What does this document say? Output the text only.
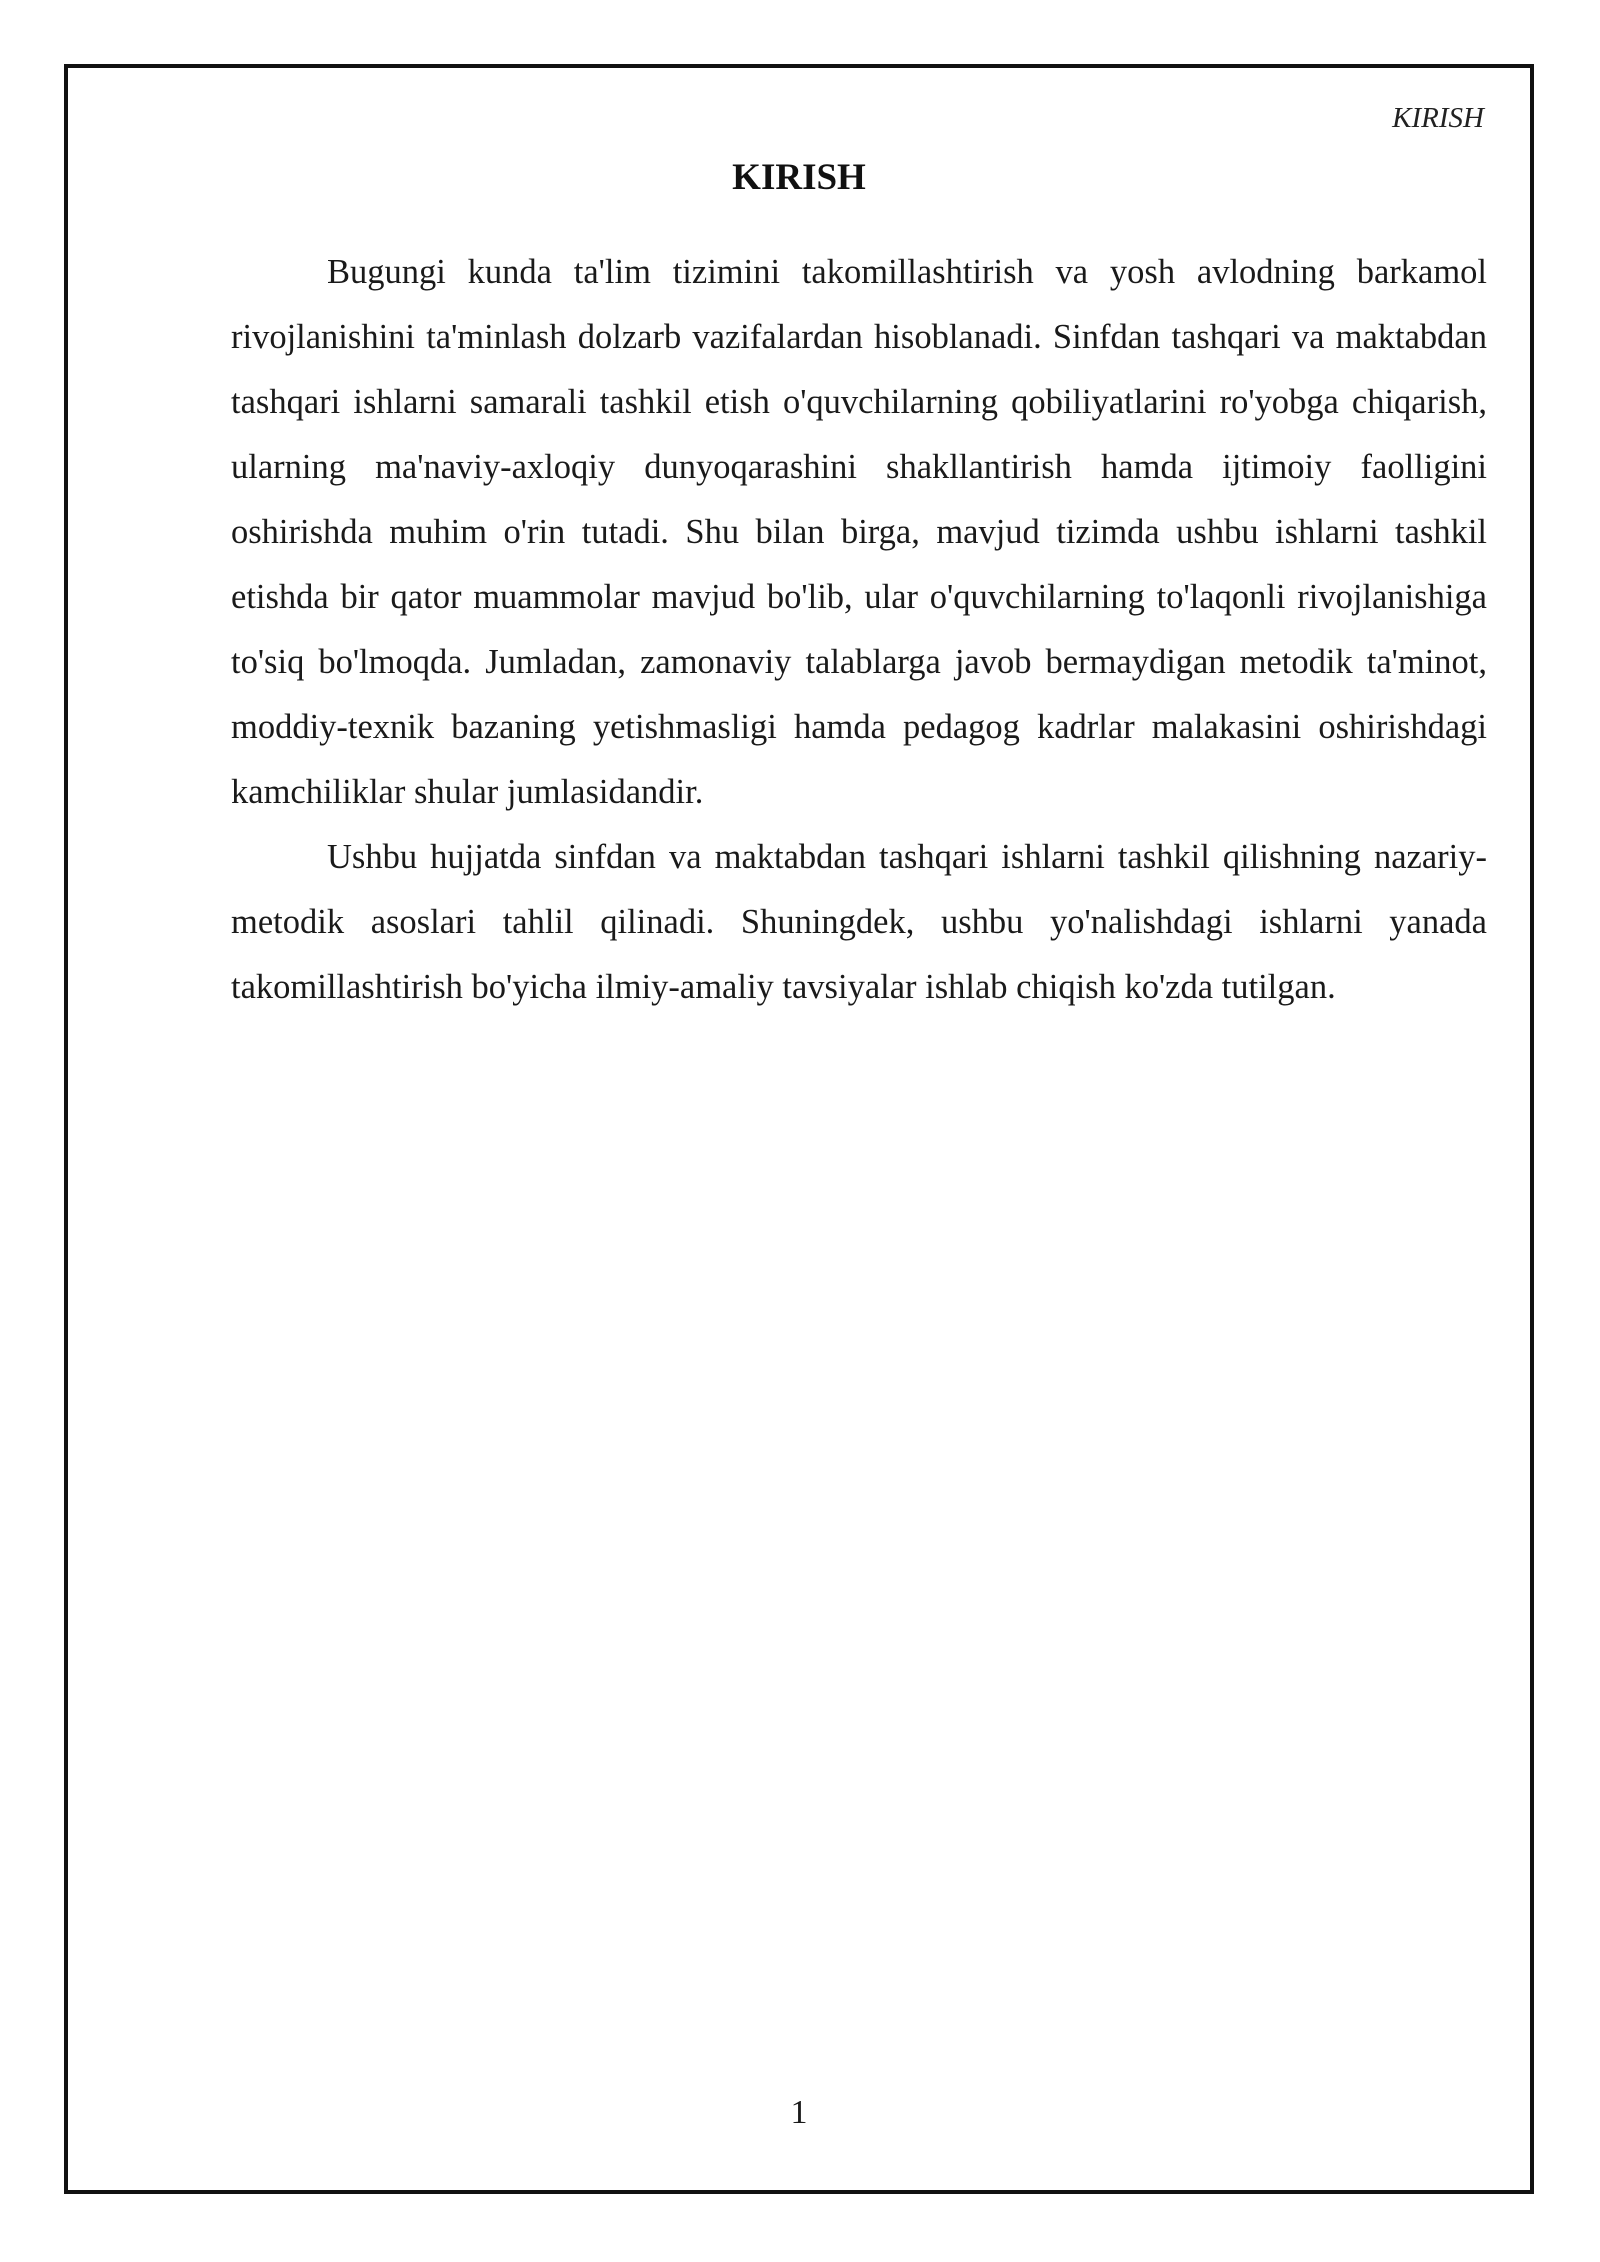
KIRISH
KIRISH

Bugungi kunda ta'lim tizimini takomillashtirish va yosh avlodning barkamol rivojlanishini ta'minlash dolzarb vazifalardan hisoblanadi. Sinfdan tashqari va maktabdan tashqari ishlarni samarali tashkil etish o'quvchilarning qobiliyatlarini ro'yobga chiqarish, ularning ma'naviy-axloqiy dunyoqarashini shakllantirish hamda ijtimoiy faolligini oshirishda muhim o'rin tutadi. Shu bilan birga, mavjud tizimda ushbu ishlarni tashkil etishda bir qator muammolar mavjud bo'lib, ular o'quvchilarning to'laqonli rivojlanishiga to'siq bo'lmoqda. Jumladan, zamonaviy talablarga javob bermaydigan metodik ta'minot, moddiy-texnik bazaning yetishmasligi hamda pedagog kadrlar malakasini oshirishdagi kamchiliklar shular jumlasidandir.

Ushbu hujjatda sinfdan va maktabdan tashqari ishlarni tashkil qilishning nazariy-metodik asoslari tahlil qilinadi. Shuningdek, ushbu yo'nalishdagi ishlarni yanada takomillashtirish bo'yicha ilmiy-amaliy tavsiyalar ishlab chiqish ko'zda tutilgan.

1
